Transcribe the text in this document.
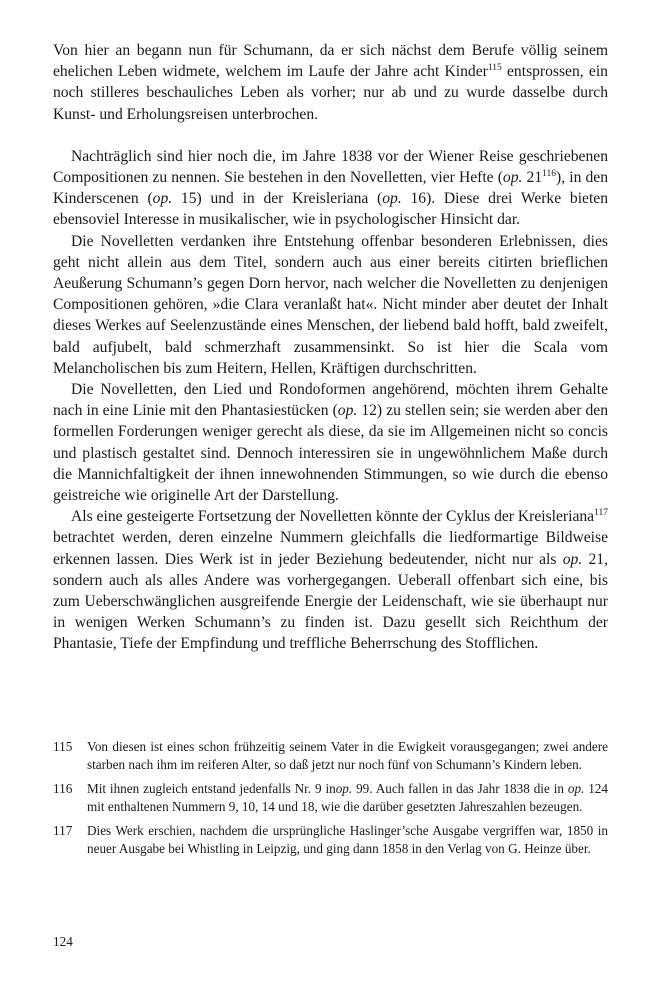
Von hier an begann nun für Schumann, da er sich nächst dem Berufe völlig seinem ehelichen Leben widmete, welchem im Laufe der Jahre acht Kinder$^{115}$ entsprossen, ein noch stilleres beschauliches Leben als vorher; nur ab und zu wurde dasselbe durch Kunst- und Erholungsreisen unterbrochen.

Nachträglich sind hier noch die, im Jahre 1838 vor der Wiener Reise geschriebenen Compositionen zu nennen. Sie bestehen in den Novelletten, vier Hefte (op. $21^{116}$), in den Kinderscenen (op. 15) und in der Kreisleriana (op. 16). Diese drei Werke bieten ebensoviel Interesse in musikalischer, wie in psychologischer Hinsicht dar.

Die Novelletten verdanken ihre Entstehung offenbar besonderen Erlebnissen, dies geht nicht allein aus dem Titel, sondern auch aus einer bereits citirten brieflichen Aeußerung Schumann’s gegen Dorn hervor, nach welcher die Novelletten zu denjenigen Compositionen gehören, »die Clara veranlaßt hat«. Nicht minder aber deutet der Inhalt dieses Werkes auf Seelenzustände eines Menschen, der liebend bald hofft, bald zweifelt, bald aufjubelt, bald schmerzhaft zusammensinkt. So ist hier die Scala vom Melancholischen bis zum Heitern, Hellen, Kräftigen durchschritten.

Die Novelletten, den Lied und Rondoformen angehörend, möchten ihrem Gehalte nach in eine Linie mit den Phantasiestücken (op. 12) zu stellen sein; sie werden aber den formellen Forderungen weniger gerecht als diese, da sie im Allgemeinen nicht so concis und plastisch gestaltet sind. Dennoch interessiren sie in ungewöhnlichem Maße durch die Mannichfaltigkeit der ihnen innewohnenden Stimmungen, so wie durch die ebenso geistreiche wie originelle Art der Darstellung.

Als eine gesteigerte Fortsetzung der Novelletten könnte der Cyklus der Kreisleriana$^{117}$ betrachtet werden, deren einzelne Nummern gleichfalls die liedformartige Bildweise erkennen lassen. Dies Werk ist in jeder Beziehung bedeutender, nicht nur als op. 21, sondern auch als alles Andere was vorhergegangen. Ueberall offenbart sich eine, bis zum Ueberschwänglichen ausgreifende Energie der Leidenschaft, wie sie überhaupt nur in wenigen Werken Schumann’s zu finden ist. Dazu gesellt sich Reichthum der Phantasie, Tiefe der Empfindung und treffliche Beherrschung des Stofflichen.

115	Von diesen ist eines schon frühzeitig seinem Vater in die Ewigkeit vorausgegangen; zwei andere starben nach ihm im reiferen Alter, so daß jetzt nur noch fünf von Schumann’s Kindern leben.
116	Mit ihnen zugleich entstand jedenfalls Nr. 9 inop. 99. Auch fallen in das Jahr 1838 die in op. 124 mit enthaltenen Nummern 9, 10, 14 und 18, wie die darüber gesetzten Jahreszahlen bezeugen.
117	Dies Werk erschien, nachdem die ursprüngliche Haslinger’sche Ausgabe vergriffen war, 1850 in neuer Ausgabe bei Whistling in Leipzig, und ging dann 1858 in den Verlag von G. Heinze über.
124
